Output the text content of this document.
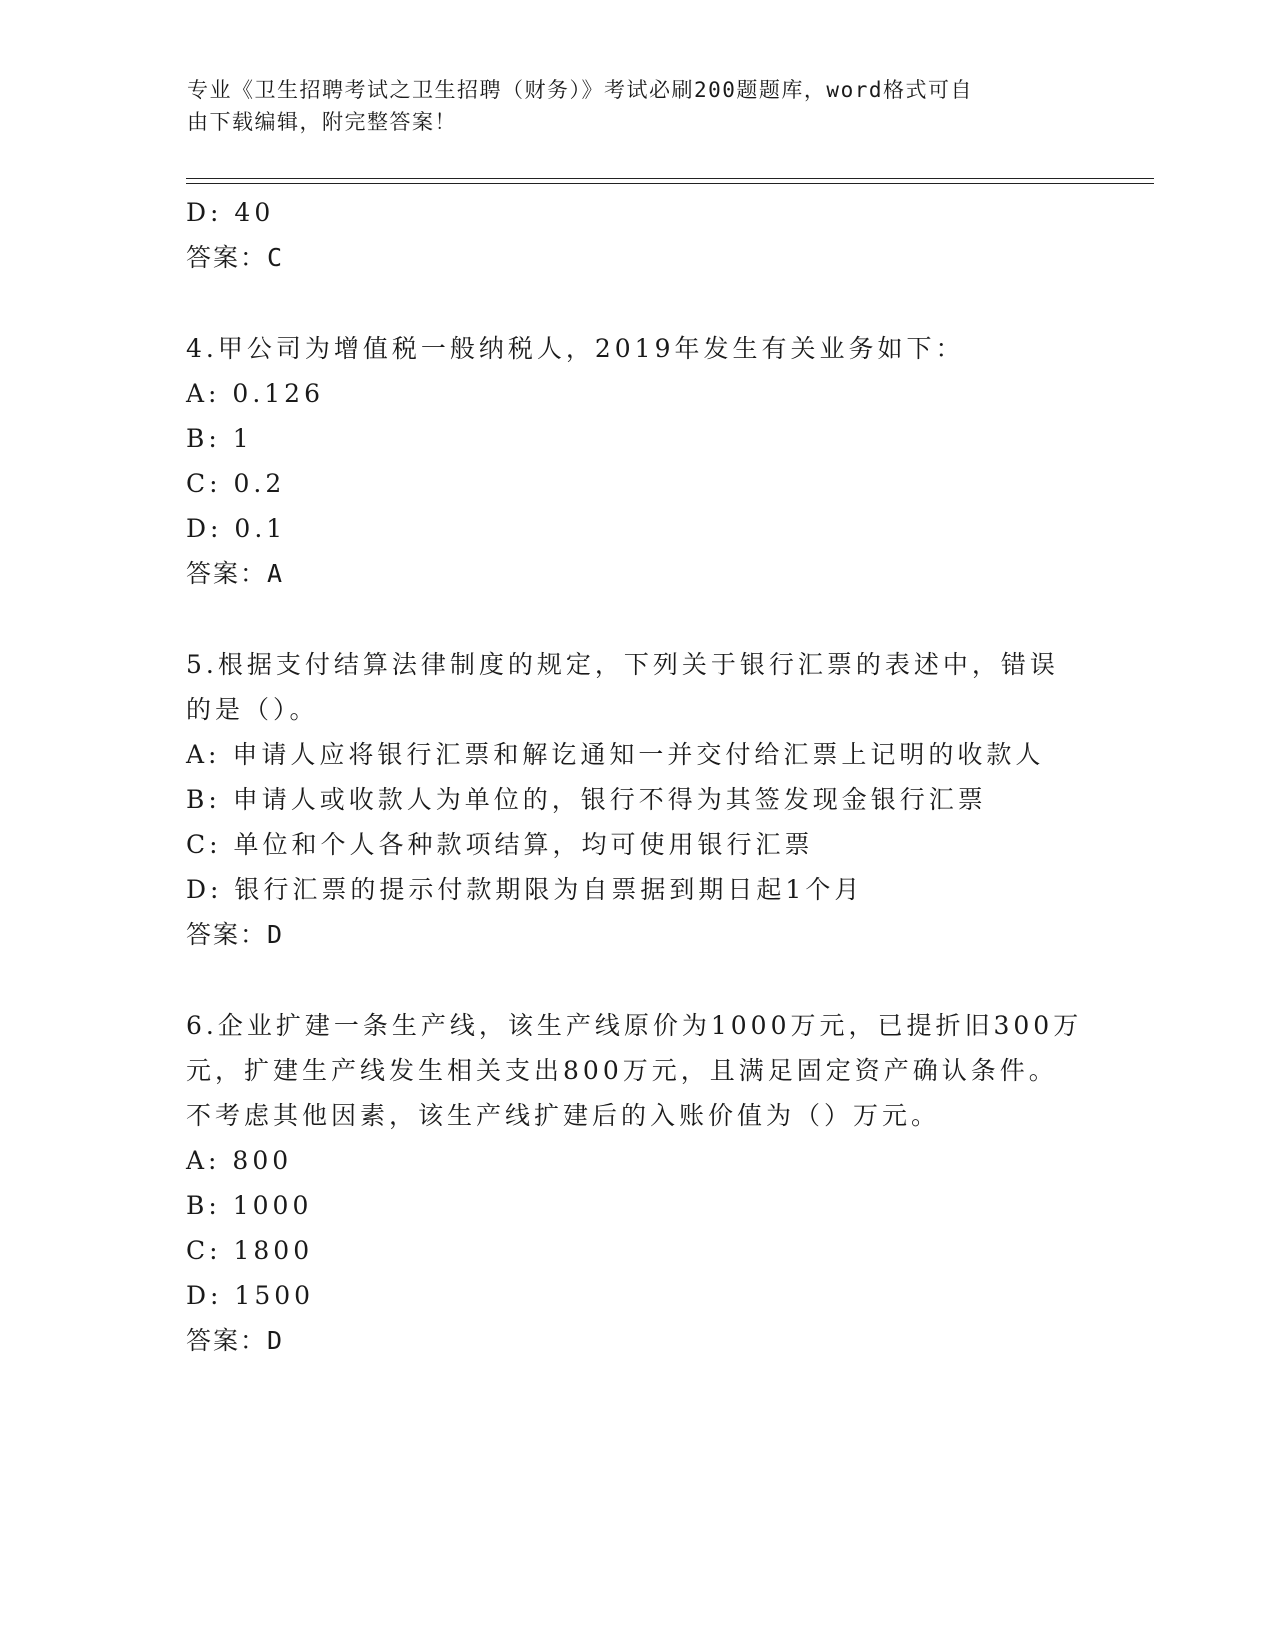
专业《卫生招聘考试之卫生招聘（财务）》考试必刷200题题库，word格式可自
由下载编辑，附完整答案！
D: 40
答案：C
4.甲公司为增值税一般纳税人，2019年发生有关业务如下：
A: 0.126
B: 1
C: 0.2
D: 0.1
答案：A
5.根据支付结算法律制度的规定，下列关于银行汇票的表述中，错误
的是（）。
A: 申请人应将银行汇票和解讫通知一并交付给汇票上记明的收款人
B: 申请人或收款人为单位的，银行不得为其签发现金银行汇票
C: 单位和个人各种款项结算，均可使用银行汇票
D: 银行汇票的提示付款期限为自票据到期日起1个月
答案：D
6.企业扩建一条生产线，该生产线原价为1000万元，已提折旧300万
元，扩建生产线发生相关支出800万元，且满足固定资产确认条件。
不考虑其他因素，该生产线扩建后的入账价值为（）万元。
A: 800
B: 1000
C: 1800
D: 1500
答案：D
